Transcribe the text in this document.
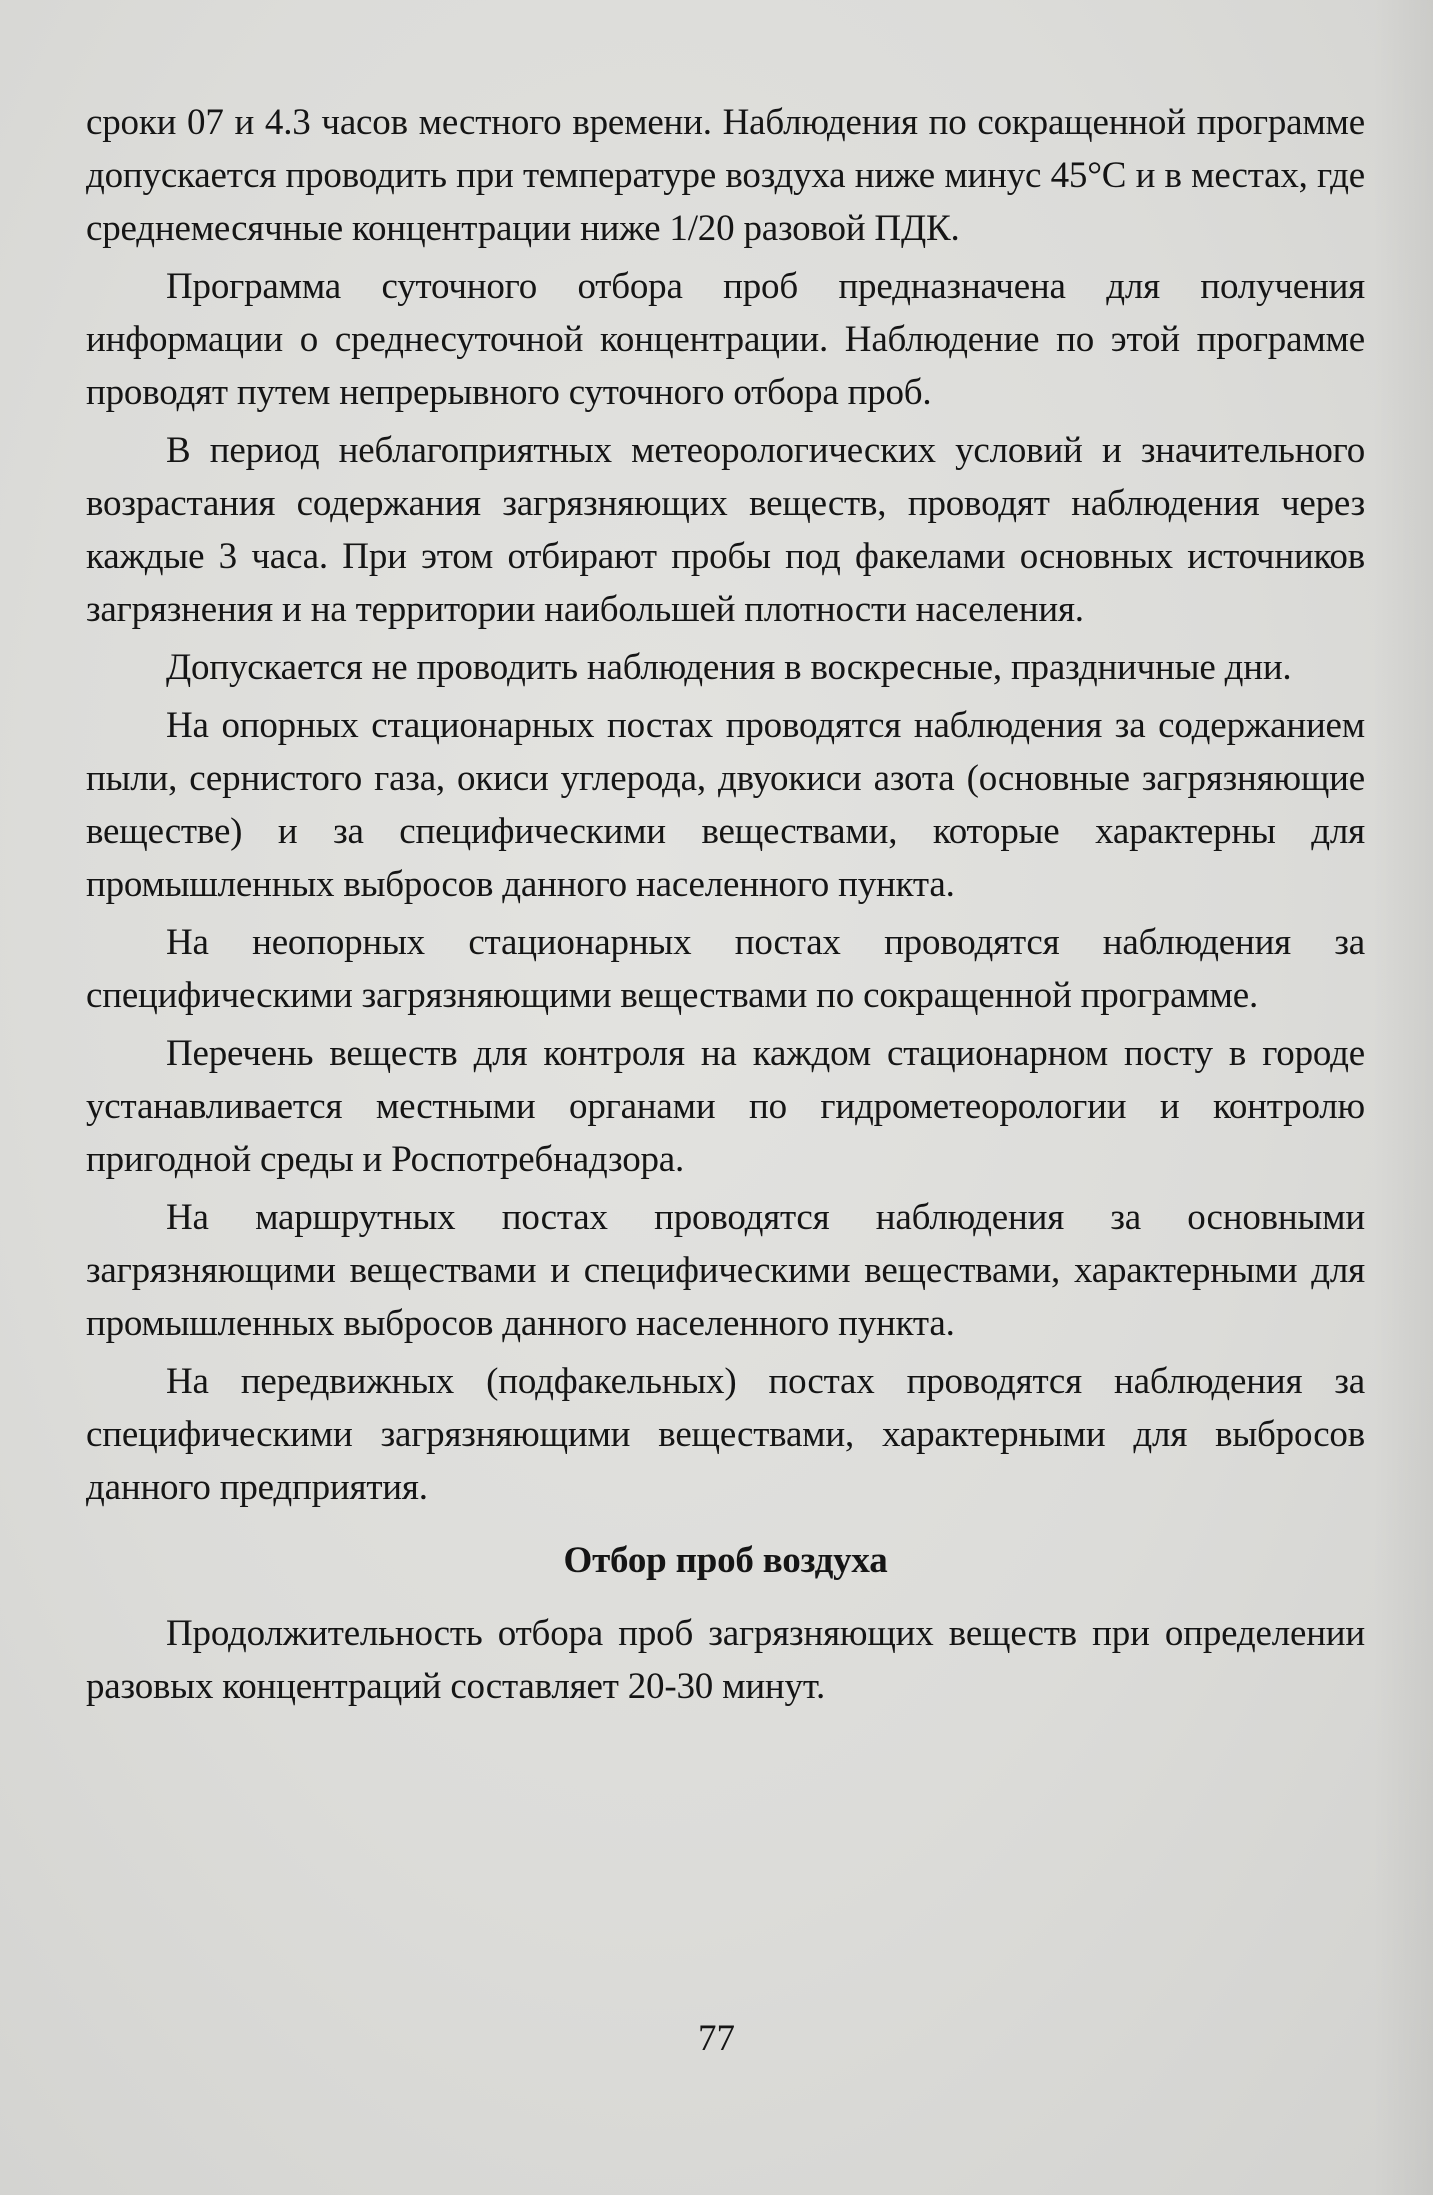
сроки 07 и 4.3 часов местного времени. Наблюдения по сокращенной программе допускается проводить при температуре воздуха ниже минус 45°С и в местах, где среднемесячные концентрации ниже 1/20 разовой ПДК.

Программа суточного отбора проб предназначена для получения информации о среднесуточной концентрации. Наблюдение по этой программе проводят путем непрерывного суточного отбора проб.

В период неблагоприятных метеорологических условий и значительного возрастания содержания загрязняющих веществ, проводят наблюдения через каждые 3 часа. При этом отбирают пробы под факелами основных источников загрязнения и на территории наибольшей плотности населения.

Допускается не проводить наблюдения в воскресные, праздничные дни.

На опорных стационарных постах проводятся наблюдения за содержанием пыли, сернистого газа, окиси углерода, двуокиси азота (основные загрязняющие веществе) и за специфическими веществами, которые характерны для промышленных выбросов данного населенного пункта.

На неопорных стационарных постах проводятся наблюдения за специфическими загрязняющими веществами по сокращенной программе.

Перечень веществ для контроля на каждом стационарном посту в городе устанавливается местными органами по гидрометеорологии и контролю пригодной среды и Роспотребнадзора.

На маршрутных постах проводятся наблюдения за основными загрязняющими веществами и специфическими веществами, характерными для промышленных выбросов данного населенного пункта.

На передвижных (подфакельных) постах проводятся наблюдения за специфическими загрязняющими веществами, характерными для выбросов данного предприятия.

Отбор проб воздуха

Продолжительность отбора проб загрязняющих веществ при определении разовых концентраций составляет 20-30 минут.

77
